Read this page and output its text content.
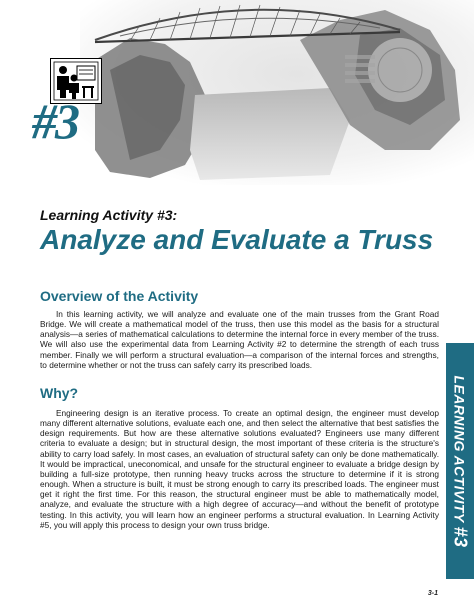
#3
Learning Activity #3:
Analyze and Evaluate a Truss
Overview of the Activity
In this learning activity, we will analyze and evaluate one of the main trusses from the Grant Road Bridge. We will create a mathematical model of the truss, then use this model as the basis for a structural analysis—a series of mathematical calculations to determine the internal force in every member of the truss. We will also use the experimental data from Learning Activity #2 to determine the strength of each truss member. Finally we will perform a structural evaluation—a comparison of the internal forces and strengths, to determine whether or not the truss can safely carry its prescribed loads.
Why?
Engineering design is an iterative process. To create an optimal design, the engineer must develop many different alternative solutions, evaluate each one, and then select the alternative that best satisfies the design requirements. But how are these alternative solutions evaluated? Engineers use many different criteria to evaluate a design; but in structural design, the most important of these criteria is the structure's ability to carry load safely. In most cases, an evaluation of structural safety can only be done mathematically. It would be impractical, uneconomical, and unsafe for the structural engineer to evaluate a bridge design by building a full-size prototype, then running heavy trucks across the structure to determine if it is strong enough. When a structure is built, it must be strong enough to carry its prescribed loads. The engineer must get it right the first time. For this reason, the structural engineer must be able to mathematically model, analyze, and evaluate the structure with a high degree of accuracy—and without the benefit of prototype testing. In this activity, you will learn how an engineer performs a structural evaluation. In Learning Activity #5, you will apply this process to design your own truss bridge.
LEARNING ACTIVITY #3
3-1
